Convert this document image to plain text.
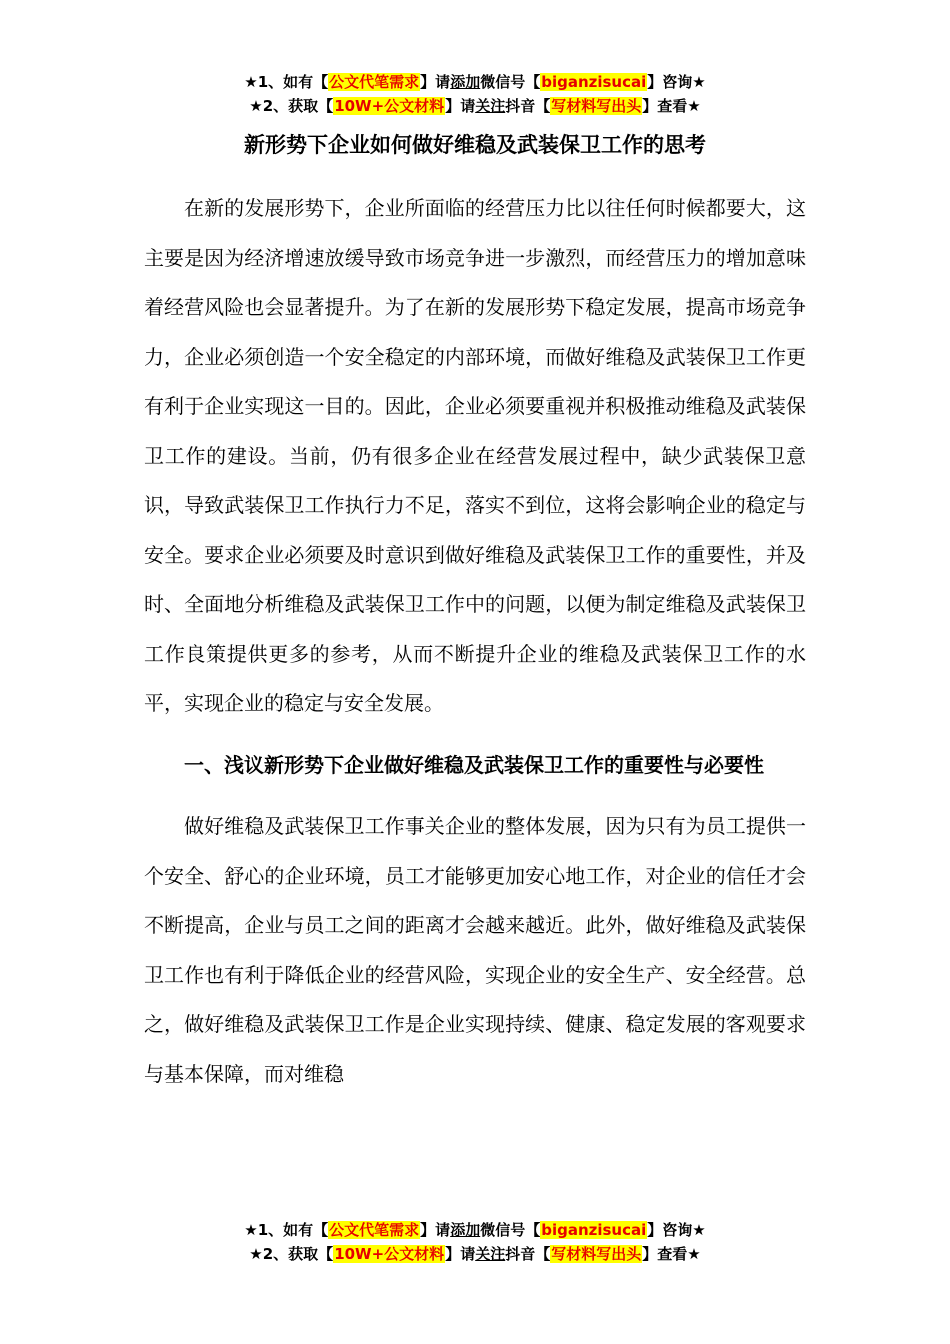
★1、如有【公文代笔需求】请添加微信号【biganzisucai】咨询★
★2、获取【10W+公文材料】请关注抖音【写材料写出头】查看★
新形势下企业如何做好维稳及武装保卫工作的思考

在新的发展形势下，企业所面临的经营压力比以往任何时候都要大，这主要是因为经济增速放缓导致市场竞争进一步激烈，而经营压力的增加意味着经营风险也会显著提升。为了在新的发展形势下稳定发展，提高市场竞争力，企业必须创造一个安全稳定的内部环境，而做好维稳及武装保卫工作更有利于企业实现这一目的。因此，企业必须要重视并积极推动维稳及武装保卫工作的建设。当前，仍有很多企业在经营发展过程中，缺少武装保卫意识，导致武装保卫工作执行力不足，落实不到位，这将会影响企业的稳定与安全。要求企业必须要及时意识到做好维稳及武装保卫工作的重要性，并及时、全面地分析维稳及武装保卫工作中的问题，以便为制定维稳及武装保卫工作良策提供更多的参考，从而不断提升企业的维稳及武装保卫工作的水平，实现企业的稳定与安全发展。

一、浅议新形势下企业做好维稳及武装保卫工作的重要性与必要性

做好维稳及武装保卫工作事关企业的整体发展，因为只有为员工提供一个安全、舒心的企业环境，员工才能够更加安心地工作，对企业的信任才会不断提高，企业与员工之间的距离才会越来越近。此外，做好维稳及武装保卫工作也有利于降低企业的经营风险，实现企业的安全生产、安全经营。总之，做好维稳及武装保卫工作是企业实现持续、健康、稳定发展的客观要求与基本保障，而对维稳

★1、如有【公文代笔需求】请添加微信号【biganzisucai】咨询★
★2、获取【10W+公文材料】请关注抖音【写材料写出头】查看★
